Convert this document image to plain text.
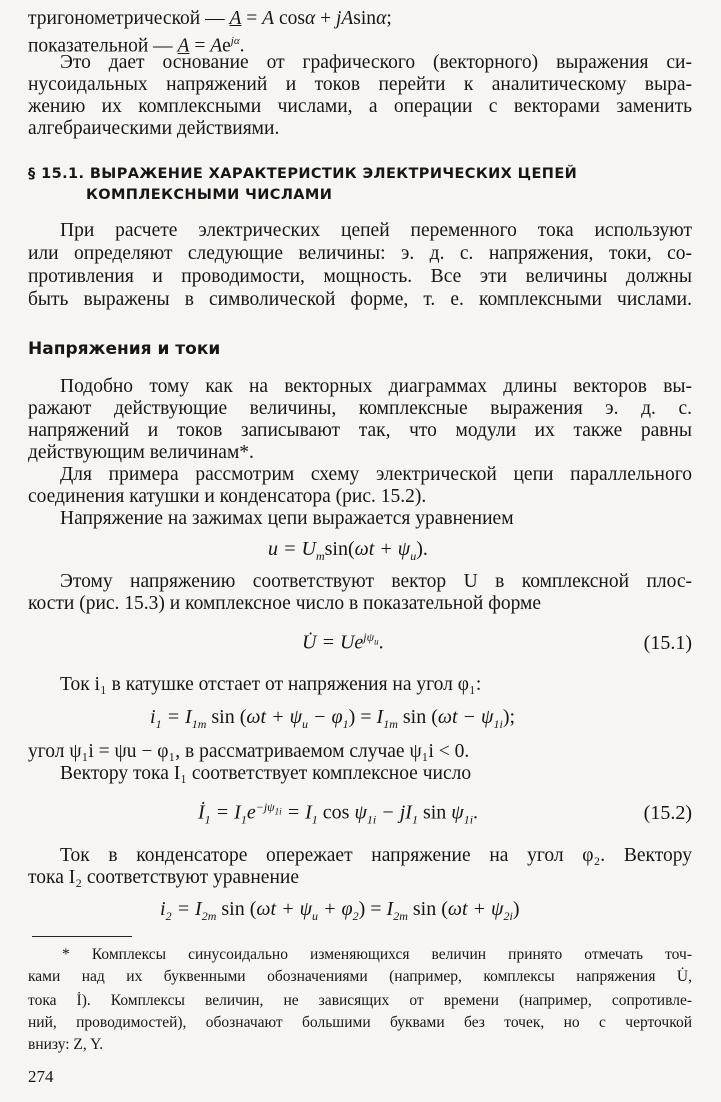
тригонометрической — A = A cosα + jAsinα;
показательной — $A = Ae^{j\alpha}$.
Это дает основание от графического (векторного) выражения си-
нусоидальных напряжений и токов перейти к аналитическому выра-
жению их комплексными числами, а операции с векторами заменить
алгебраическими действиями.
§ 15.1. ВЫРАЖЕНИЕ ХАРАКТЕРИСТИК ЭЛЕКТРИЧЕСКИХ ЦЕПЕЙ
КОМПЛЕКСНЫМИ ЧИСЛАМИ
При расчете электрических цепей переменного тока используют
или определяют следующие величины: э. д. с. напряжения, токи, со-
противления и проводимости, мощность. Все эти величины должны
быть выражены в символической форме, т. е. комплексными числами.
Напряжения и токи
Подобно тому как на векторных диаграммах длины векторов вы-
ражают действующие величины, комплексные выражения э. д. с.
напряжений и токов записывают так, что модули их также равны
действующим величинам*.
Для примера рассмотрим схему электрической цепи параллельного
соединения катушки и конденсатора (рис. 15.2).
Напряжение на зажимах цепи выражается уравнением
$u = U_m\sin(\omega t + \psi_u)$.
Этому напряжению соответствуют вектор U в комплексной плос-
кости (рис. 15.3) и комплексное число в показательной форме
U̇ = $Ue^{j\psi_u}$.	(15.1)
Ток i₁ в катушке отстает от напряжения на угол φ₁:
$i_1 = I_{1m}$ $\sin (\omega t + \psi_u - \varphi_1) = I_{1m}$ $\sin (\omega t - \psi_{1i})$;
угол ψ₁i = ψu − φ₁, в рассматриваемом случае ψ₁i < 0.
Вектору тока I₁ соответствует комплексное число
$İ_1 = I_1e^{-j\psi_{1i}} = I_1$ $\cos \psi_{1i} - jI_1$ $\sin \psi_{1i}$.	(15.2)
Ток в конденсаторе опережает напряжение на угол φ₂. Вектору
тока I₂ соответствуют уравнение
$i_2 = I_{2m}$ $\sin (\omega t + \psi_u + \varphi_2) = I_{2m}$ $\sin (\omega t + \psi_{2i})$
* Комплексы синусоидально изменяющихся величин принято отмечать точ-
ками над их буквенными обозначениями (например, комплексы напряжения U̇,
тока İ). Комплексы величин, не зависящих от времени (например, сопротивле-
ний, проводимостей), обозначают большими буквами без точек, но с черточкой
внизу: Z, Y.
274
